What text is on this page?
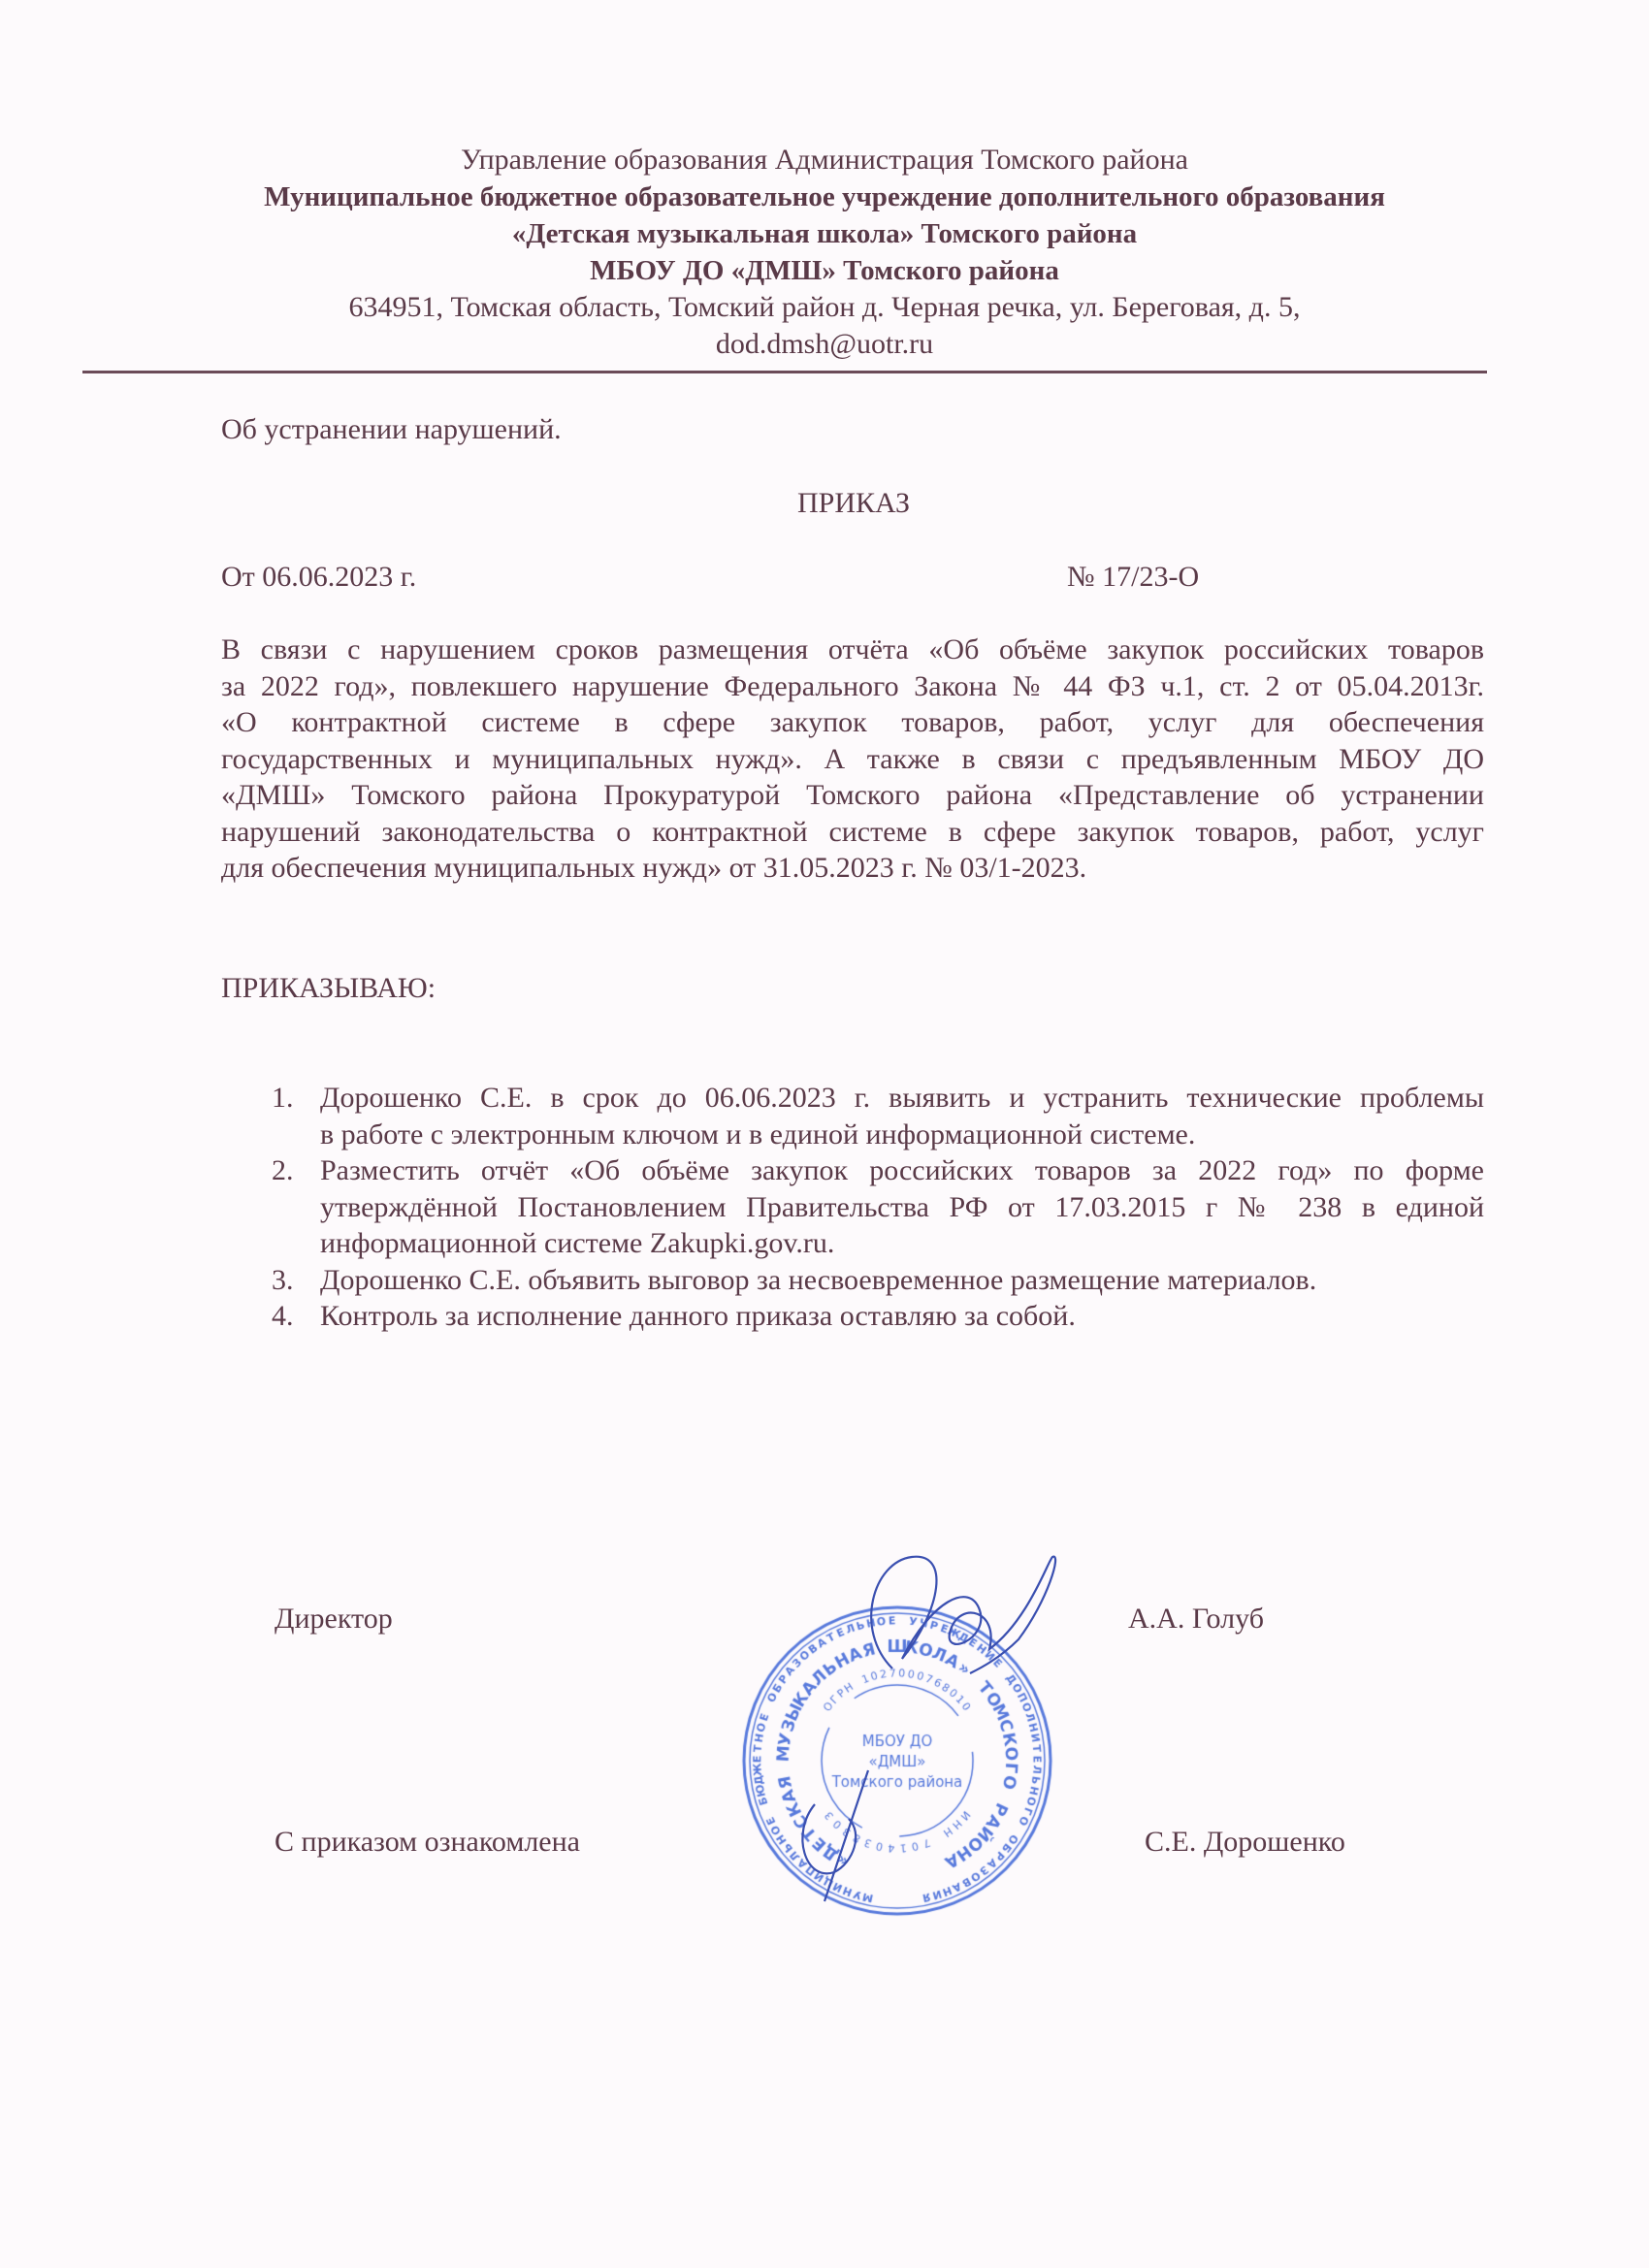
Управление образования Администрация Томского района
Муниципальное бюджетное образовательное учреждение дополнительного образования
«Детская музыкальная школа» Томского района
МБОУ ДО «ДМШ» Томского района
634951, Томская область, Томский район д. Черная речка, ул. Береговая, д. 5,
dod.dmsh@uotr.ru
Об устранении нарушений.
ПРИКАЗ
От 06.06.2023 г.	№ 17/23-О
В связи с нарушением сроков размещения отчёта «Об объёме закупок российских товаров
за 2022 год», повлекшего нарушение Федерального Закона № 44 ФЗ ч.1, ст. 2 от 05.04.2013г.
«О контрактной системе в сфере закупок товаров, работ, услуг для обеспечения
государственных и муниципальных нужд». А также в связи с предъявленным МБОУ ДО
«ДМШ» Томского района Прокуратурой Томского района «Представление об устранении
нарушений законодательства о контрактной системе в сфере закупок товаров, работ, услуг
для обеспечения муниципальных нужд» от 31.05.2023 г. № 03/1-2023.
ПРИКАЗЫВАЮ:
1. Дорошенко С.Е. в срок до 06.06.2023 г. выявить и устранить технические проблемы
в работе с электронным ключом и в единой информационной системе.
2. Разместить отчёт «Об объёме закупок российских товаров за 2022 год» по форме
утверждённой Постановлением Правительства РФ от 17.03.2015 г № 238 в единой
информационной системе Zakupki.gov.ru.
3. Дорошенко С.Е. объявить выговор за несвоевременное размещение материалов.
4. Контроль за исполнение данного приказа оставляю за собой.
Директор	А.А. Голуб
С приказом ознакомлена	С.Е. Дорошенко
